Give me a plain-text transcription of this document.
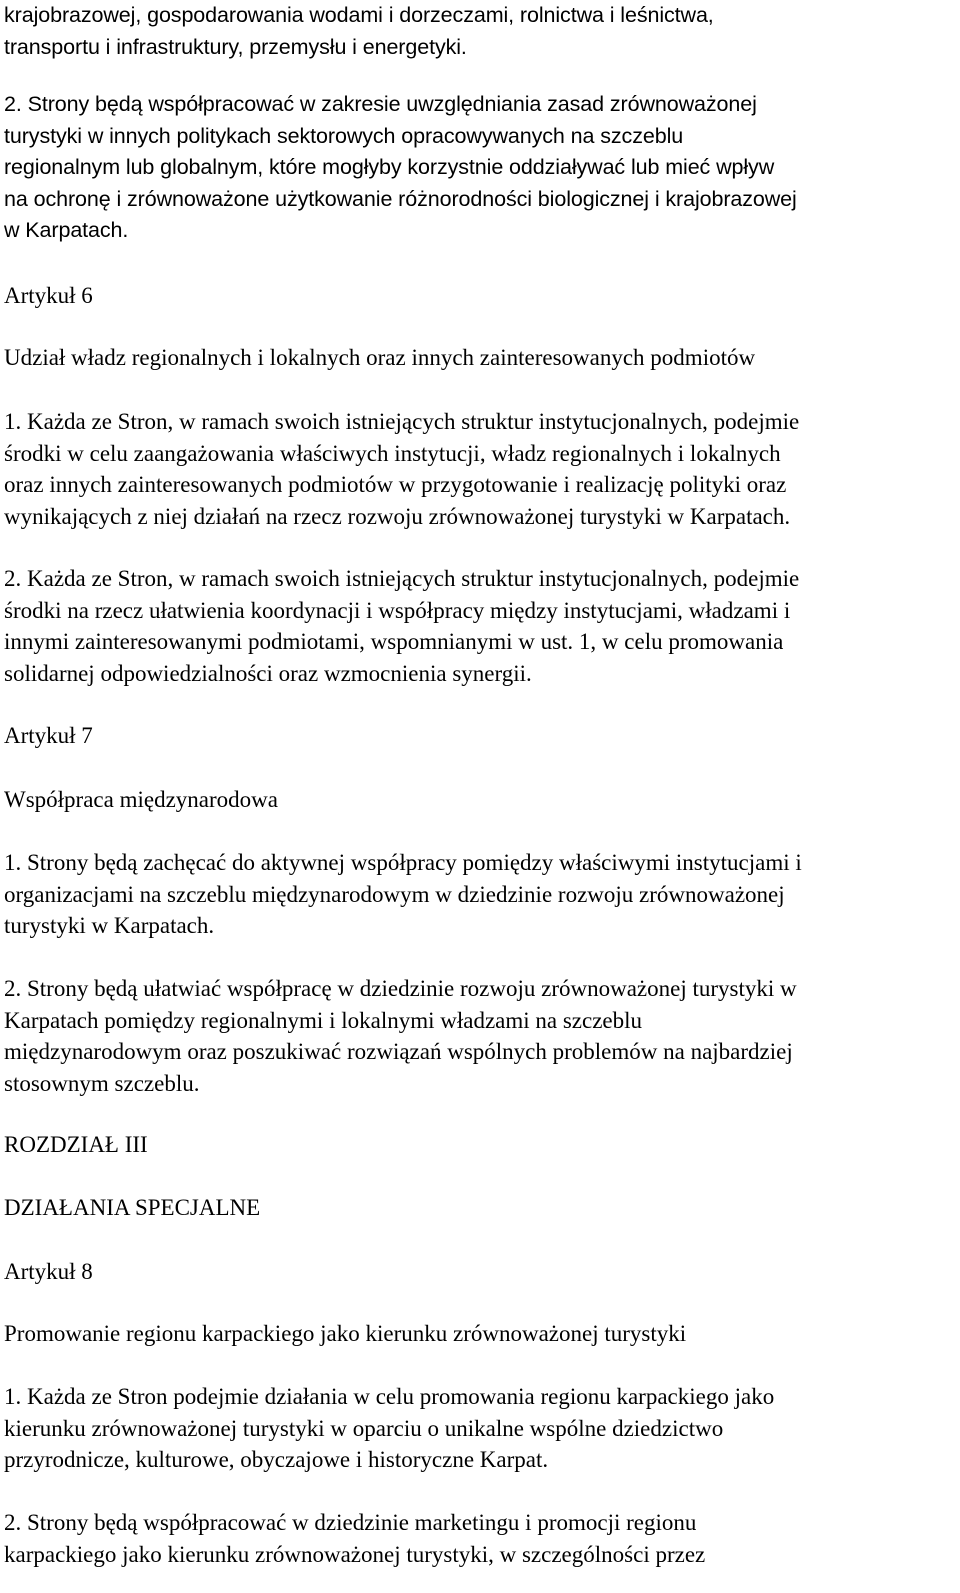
krajobrazowej, gospodarowania wodami i dorzeczami, rolnictwa i leśnictwa,
transportu i infrastruktury, przemysłu i energetyki.

2. Strony będą współpracować w zakresie uwzględniania zasad zrównoważonej
turystyki w innych politykach sektorowych opracowywanych na szczeblu
regionalnym lub globalnym, które mogłyby korzystnie oddziaływać lub mieć wpływ
na ochronę i zrównoważone użytkowanie różnorodności biologicznej i krajobrazowej
w Karpatach.

Artykuł 6
Udział władz regionalnych i lokalnych oraz innych zainteresowanych podmiotów

1. Każda ze Stron, w ramach swoich istniejących struktur instytucjonalnych, podejmie
środki w celu zaangażowania właściwych instytucji, władz regionalnych i lokalnych
oraz innych zainteresowanych podmiotów w przygotowanie i realizację polityki oraz
wynikających z niej działań na rzecz rozwoju zrównoważonej turystyki w Karpatach.

2. Każda ze Stron, w ramach swoich istniejących struktur instytucjonalnych, podejmie
środki na rzecz ułatwienia koordynacji i współpracy między instytucjami, władzami i
innymi zainteresowanymi podmiotami, wspomnianymi w ust. 1, w celu promowania
solidarnej odpowiedzialności oraz wzmocnienia synergii.

Artykuł 7
Współpraca międzynarodowa

1. Strony będą zachęcać do aktywnej współpracy pomiędzy właściwymi instytucjami i
organizacjami na szczeblu międzynarodowym w dziedzinie rozwoju zrównoważonej
turystyki w Karpatach.

2. Strony będą ułatwiać współpracę w dziedzinie rozwoju zrównoważonej turystyki w
Karpatach pomiędzy regionalnymi i lokalnymi władzami na szczeblu
międzynarodowym oraz poszukiwać rozwiązań wspólnych problemów na najbardziej
stosownym szczeblu.

ROZDZIAŁ III
DZIAŁANIA SPECJALNE
Artykuł 8
Promowanie regionu karpackiego jako kierunku zrównoważonej turystyki

1. Każda ze Stron podejmie działania w celu promowania regionu karpackiego jako
kierunku zrównoważonej turystyki w oparciu o unikalne wspólne dziedzictwo
przyrodnicze, kulturowe, obyczajowe i historyczne Karpat.

2. Strony będą współpracować w dziedzinie marketingu i promocji regionu
karpackiego jako kierunku zrównoważonej turystyki, w szczególności przez
